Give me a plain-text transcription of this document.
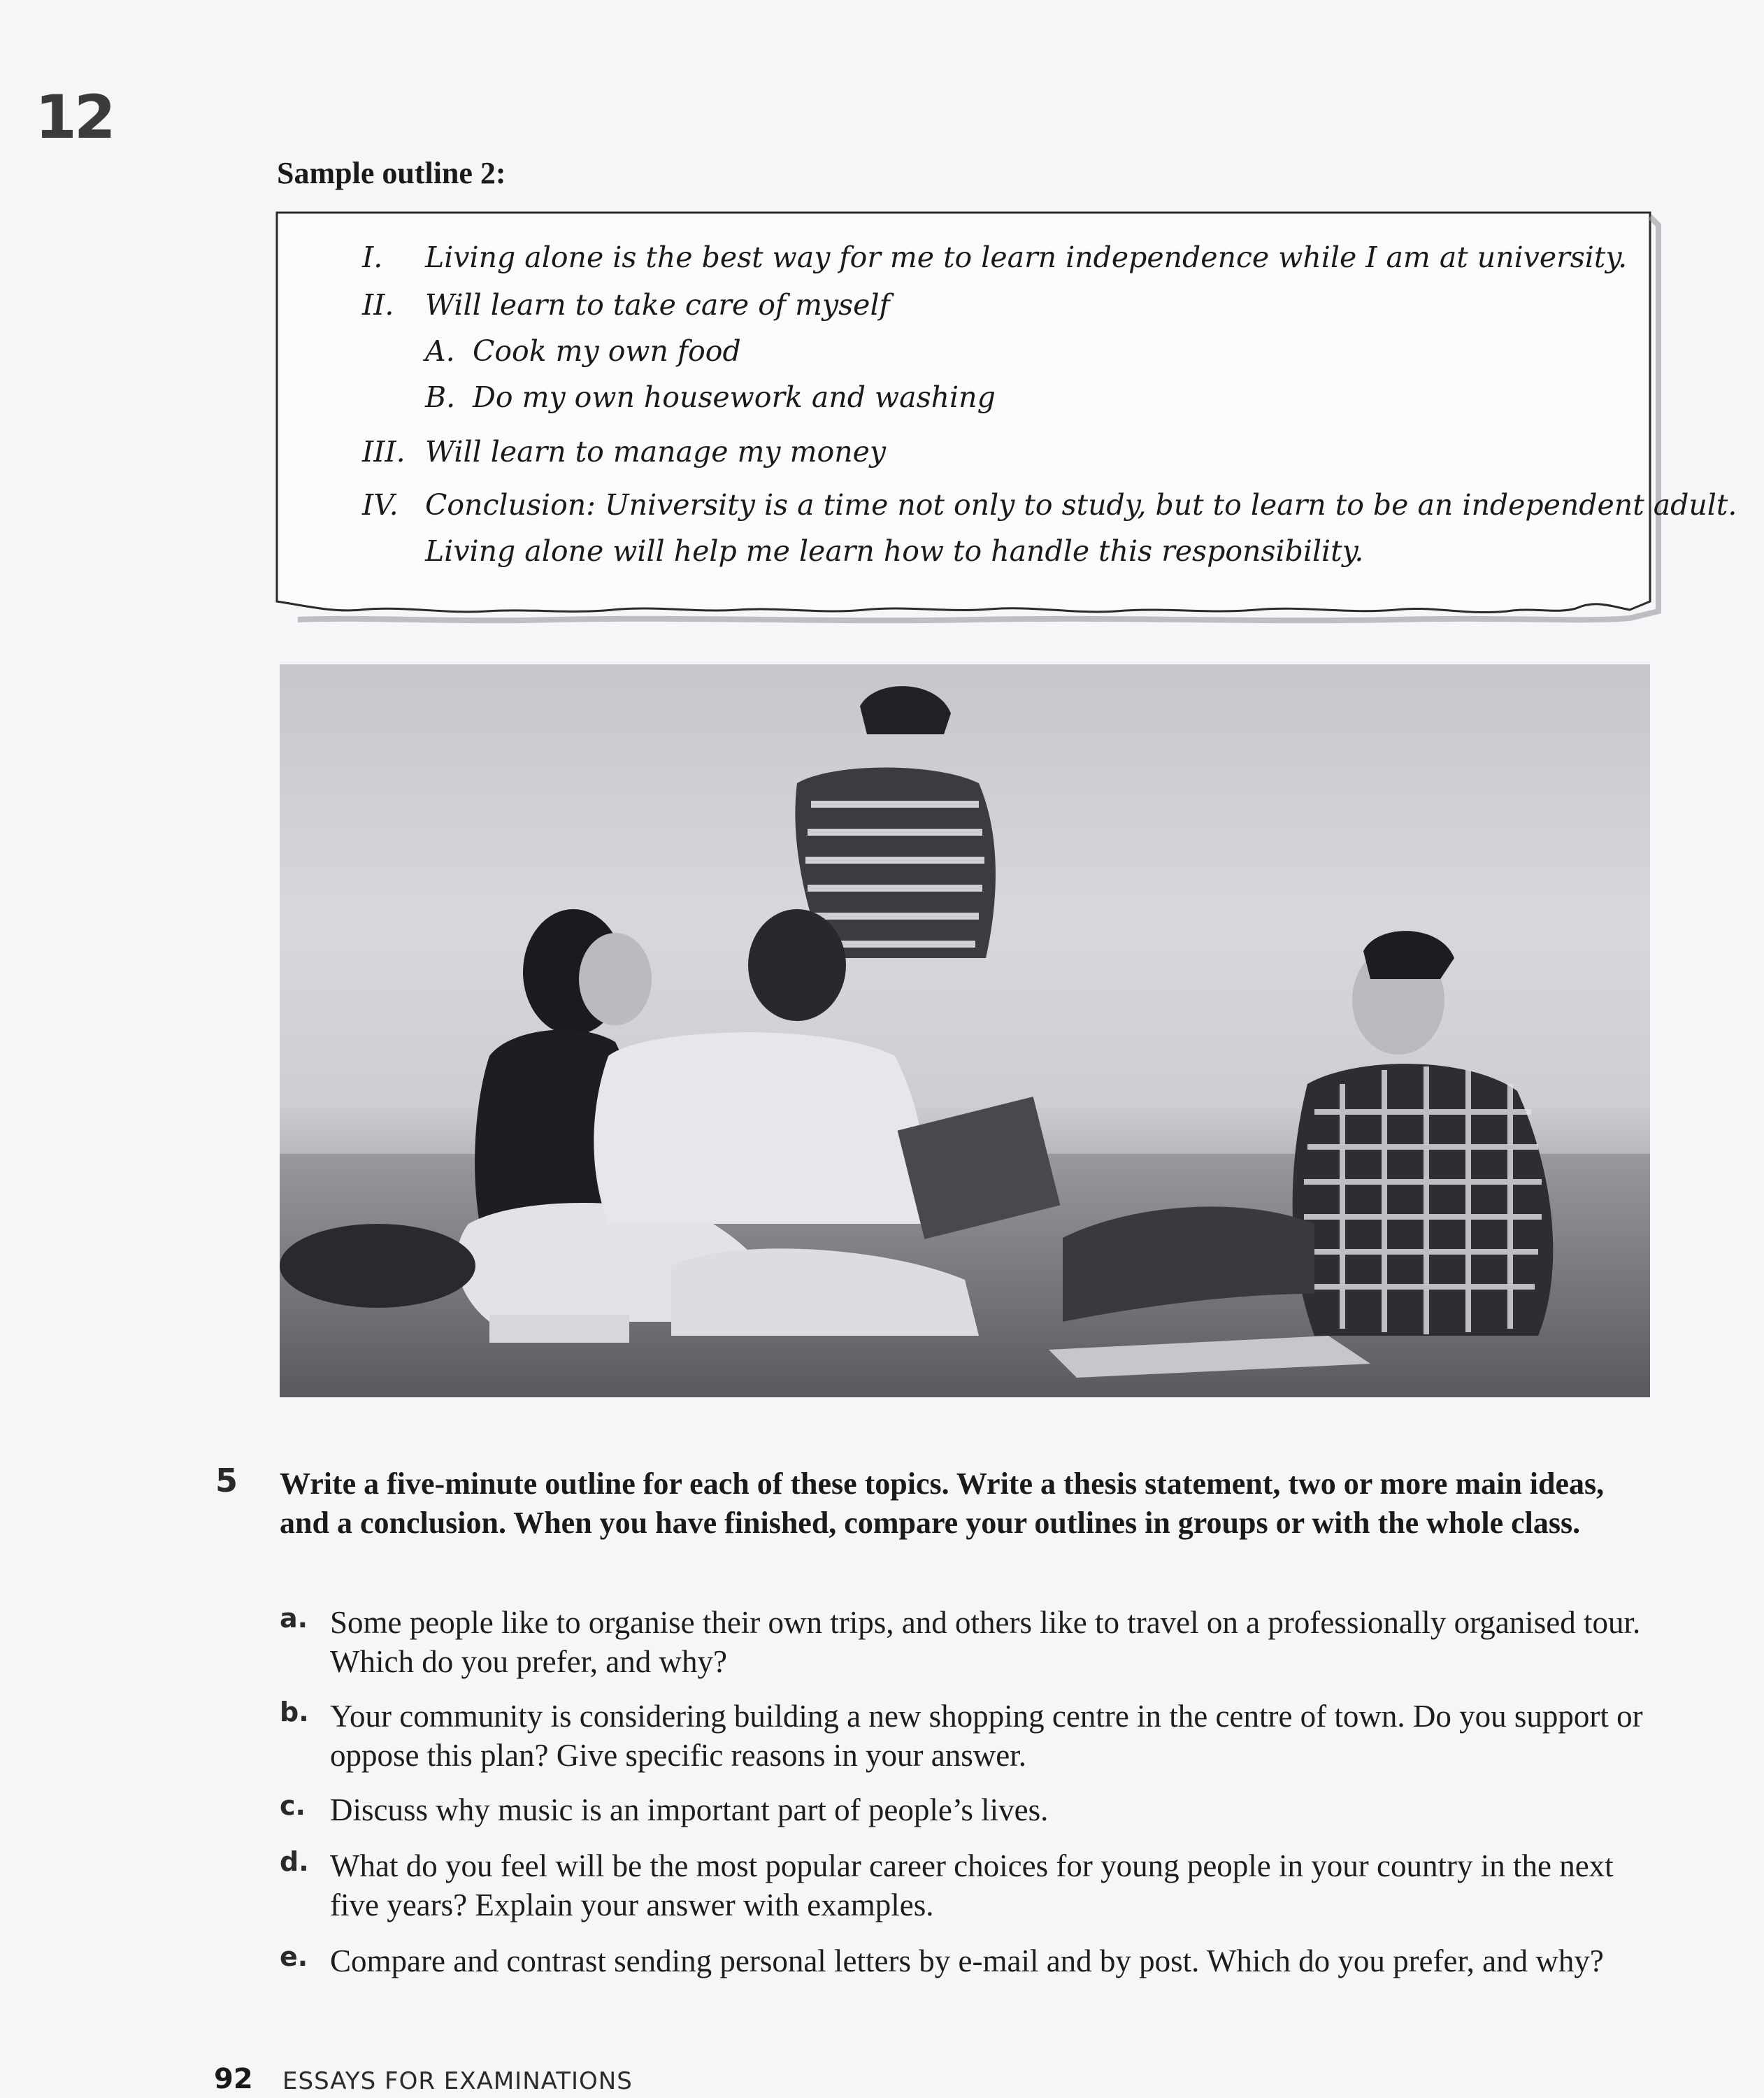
12
Sample outline 2:
I. Living alone is the best way for me to learn independence while I am at university.
II. Will learn to take care of myself
A. Cook my own food
B. Do my own housework and washing
III. Will learn to manage my money
IV. Conclusion: University is a time not only to study, but to learn to be an independent adult.
Living alone will help me learn how to handle this responsibility.
5 Write a five-minute outline for each of these topics. Write a thesis statement, two or more main ideas, and a conclusion. When you have finished, compare your outlines in groups or with the whole class.
a. Some people like to organise their own trips, and others like to travel on a professionally organised tour. Which do you prefer, and why?
b. Your community is considering building a new shopping centre in the centre of town. Do you support or oppose this plan? Give specific reasons in your answer.
c. Discuss why music is an important part of people’s lives.
d. What do you feel will be the most popular career choices for young people in your country in the next five years? Explain your answer with examples.
e. Compare and contrast sending personal letters by e-mail and by post. Which do you prefer, and why?
92 ESSAYS FOR EXAMINATIONS
